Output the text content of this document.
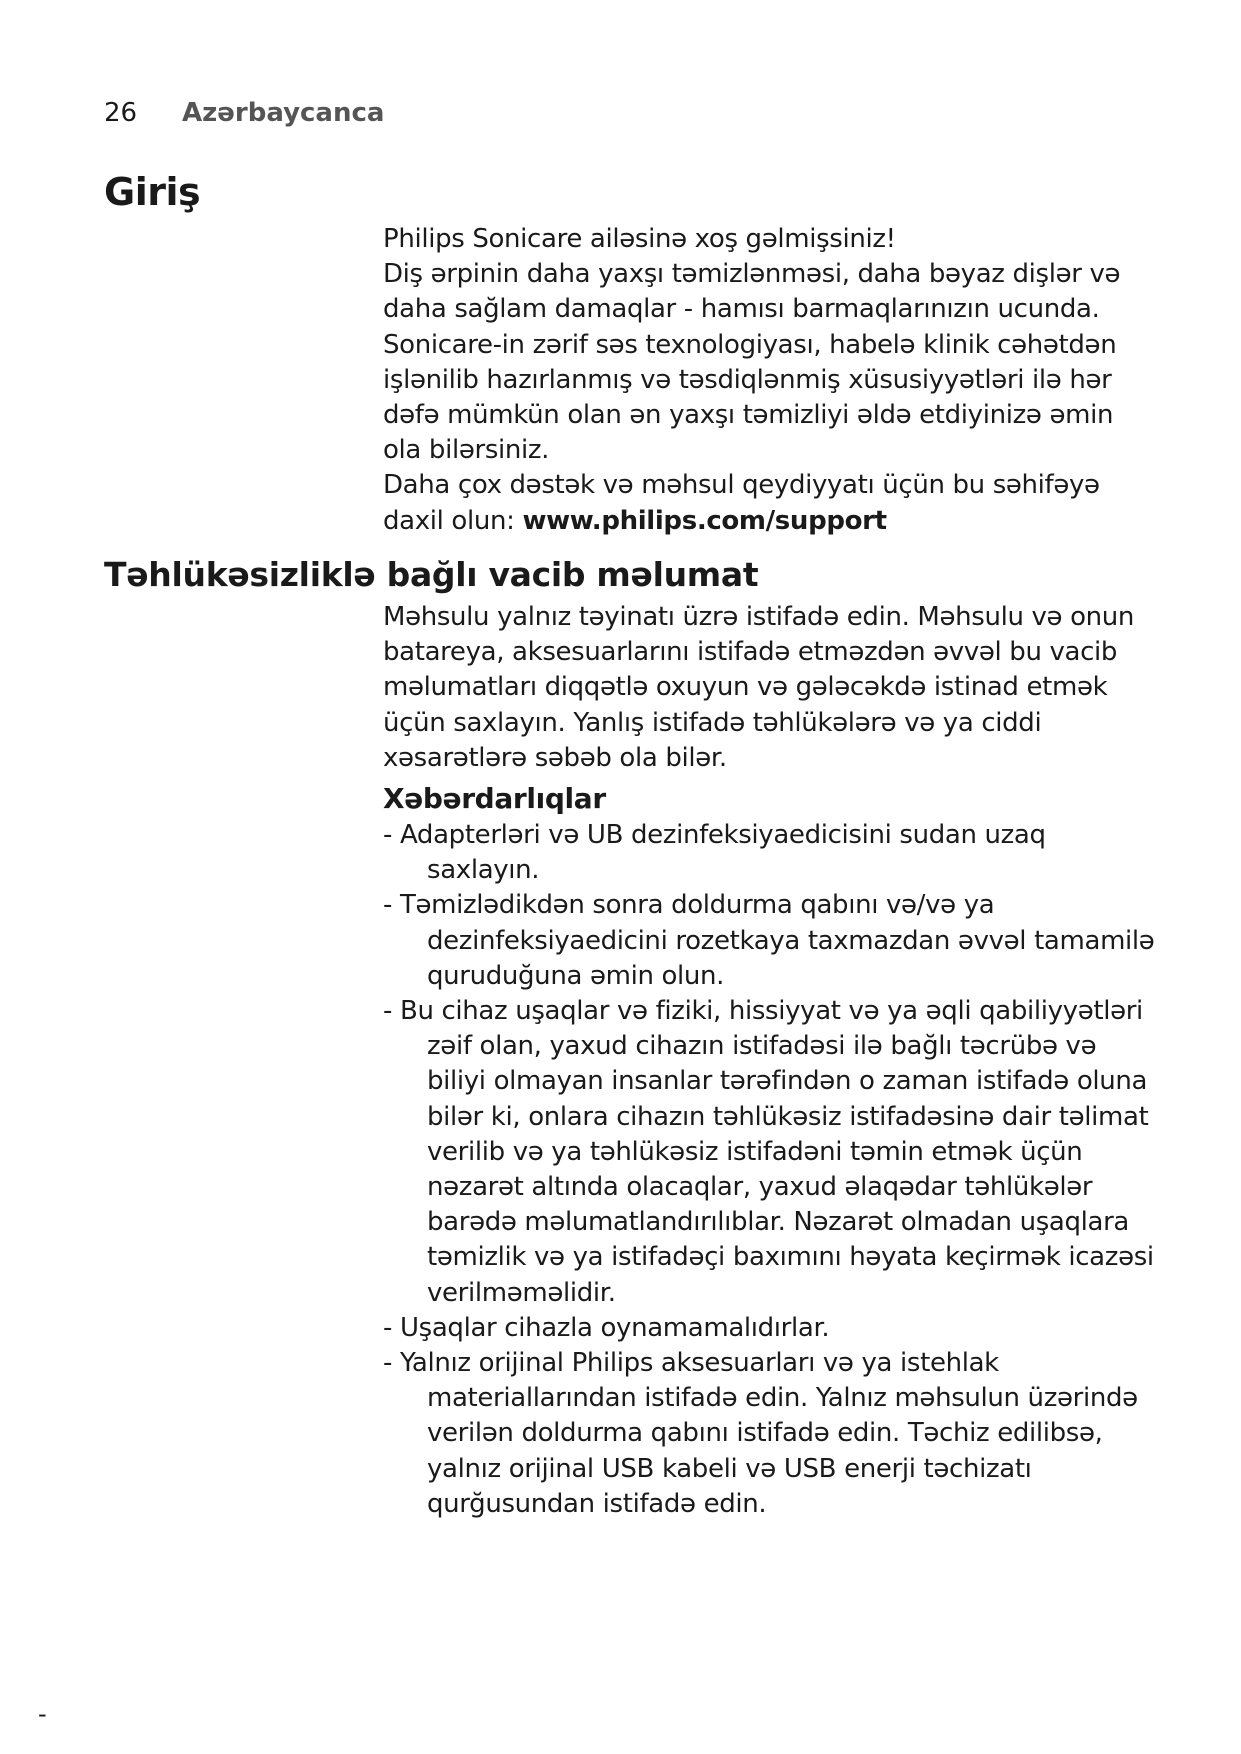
26	Azərbaycanca
Giriş

Philips Sonicare ailəsinə xoş gəlmişsiniz!

Diş ərpinin daha yaxşı təmizlənməsi, daha bəyaz dişlər və daha sağlam damaqlar - hamısı barmaqlarınızın ucunda. Sonicare-in zərif səs texnologiyası, habelə klinik cəhətdən işlənilib hazırlanmış və təsdiqlənmiş xüsusiyyətləri ilə hər dəfə mümkün olan ən yaxşı təmizliyi əldə etdiyinizə əmin ola bilərsiniz.

Daha çox dəstək və məhsul qeydiyyatı üçün bu səhifəyə daxil olun: www.philips.com/support

Təhlükəsizliklə bağlı vacib məlumat

Məhsulu yalnız təyinatı üzrə istifadə edin. Məhsulu və onun batareya, aksesuarlarını istifadə etməzdən əvvəl bu vacib məlumatları diqqətlə oxuyun və gələcəkdə istinad etmək üçün saxlayın. Yanlış istifadə təhlükələrə və ya ciddi xəsarətlərə səbəb ola bilər.

Xəbərdarlıqlar
- Adapterləri və UB dezinfeksiyaedicisini sudan uzaq saxlayın.
- Təmizlədikdən sonra doldurma qabını və/və ya dezinfeksiyaedicini rozetkaya taxmazdan əvvəl tamamilə quruduğuna əmin olun.
- Bu cihaz uşaqlar və fiziki, hissiyyat və ya əqli qabiliyyətləri zəif olan, yaxud cihazın istifadəsi ilə bağlı təcrübə və biliyi olmayan insanlar tərəfindən o zaman istifadə oluna bilər ki, onlara cihazın təhlükəsiz istifadəsinə dair təlimat verilib və ya təhlükəsiz istifadəni təmin etmək üçün nəzarət altında olacaqlar, yaxud əlaqədar təhlükələr barədə məlumatlandırılıblar. Nəzarət olmadan uşaqlara təmizlik və ya istifadəçi baxımını həyata keçirmək icazəsi verilməməlidir.
- Uşaqlar cihazla oynamamalıdırlar.
- Yalnız orijinal Philips aksesuarları və ya istehlak materiallarından istifadə edin. Yalnız məhsulun üzərində verilən doldurma qabını istifadə edin. Təchiz edilibsə, yalnız orijinal USB kabeli və USB enerji təchizatı qurğusundan istifadə edin.
-
